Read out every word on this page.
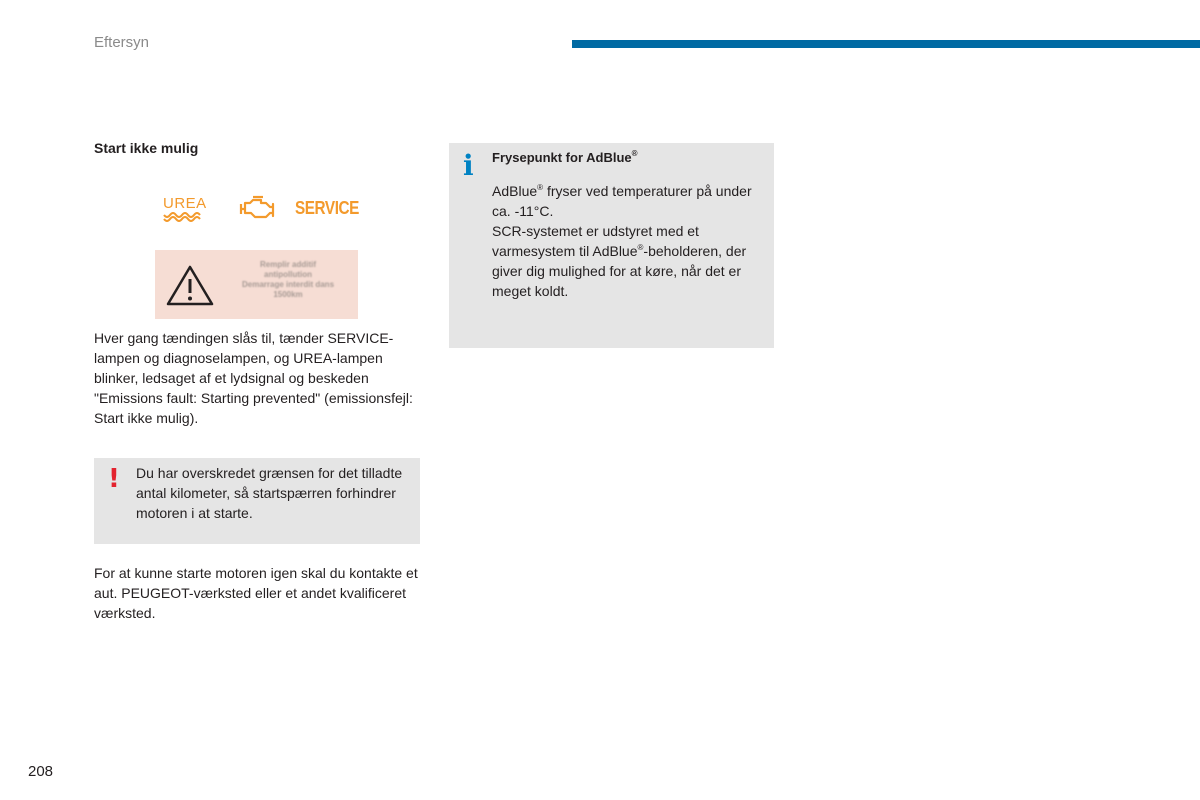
Eftersyn
Start ikke mulig
UREA	SERVICE
Remplir additif
antipollution
Demarrage interdit dans
1500km
Hver gang tændingen slås til, tænder SERVICE-lampen og diagnoselampen, og UREA-lampen blinker, ledsaget af et lydsignal og beskeden "Emissions fault: Starting prevented" (emissionsfejl: Start ikke mulig).
! Du har overskredet grænsen for det tilladte antal kilometer, så startspærren forhindrer motoren i at starte.
For at kunne starte motoren igen skal du kontakte et aut. PEUGEOT-værksted eller et andet kvalificeret værksted.
i Frysepunkt for AdBlue®
AdBlue® fryser ved temperaturer på under ca. -11°C.
SCR-systemet er udstyret med et varmesystem til AdBlue®-beholderen, der giver dig mulighed for at køre, når det er meget koldt.
208
